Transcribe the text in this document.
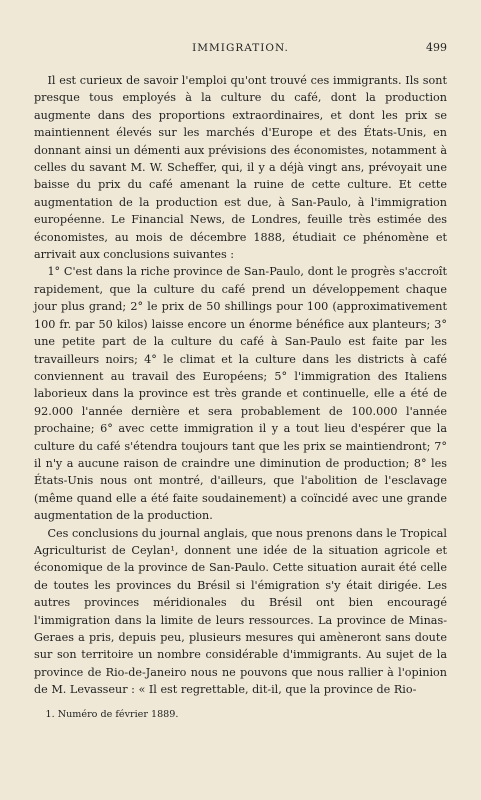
IMMIGRATION.	499

Il est curieux de savoir l'emploi qu'ont trouvé ces immigrants. Ils sont presque tous employés à la culture du café, dont la production augmente dans des proportions extraordinaires, et dont les prix se maintiennent élevés sur les marchés d'Europe et des États-Unis, en donnant ainsi un démenti aux prévisions des économistes, notamment à celles du savant M. W. Scheffer, qui, il y a déjà vingt ans, prévoyait une baisse du prix du café amenant la ruine de cette culture. Et cette augmentation de la production est due, à San-Paulo, à l'immigration européenne. Le Financial News, de Londres, feuille très estimée des économistes, au mois de décembre 1888, étudiait ce phénomène et arrivait aux conclusions suivantes :

1° C'est dans la riche province de San-Paulo, dont le progrès s'accroît rapidement, que la culture du café prend un développement chaque jour plus grand; 2° le prix de 50 shillings pour 100 (approximativement 100 fr. par 50 kilos) laisse encore un énorme bénéfice aux planteurs; 3° une petite part de la culture du café à San-Paulo est faite par les travailleurs noirs; 4° le climat et la culture dans les districts à café conviennent au travail des Européens; 5° l'immigration des Italiens laborieux dans la province est très grande et continuelle, elle a été de 92.000 l'année dernière et sera probablement de 100.000 l'année prochaine; 6° avec cette immigration il y a tout lieu d'espérer que la culture du café s'étendra toujours tant que les prix se maintiendront; 7° il n'y a aucune raison de craindre une diminution de production; 8° les États-Unis nous ont montré, d'ailleurs, que l'abolition de l'esclavage (même quand elle a été faite soudainement) a coïncidé avec une grande augmentation de la production.

Ces conclusions du journal anglais, que nous prenons dans le Tropical Agriculturist de Ceylan¹, donnent une idée de la situation agricole et économique de la province de San-Paulo. Cette situation aurait été celle de toutes les provinces du Brésil si l'émigration s'y était dirigée. Les autres provinces méridionales du Brésil ont bien encouragé l'immigration dans la limite de leurs ressources. La province de Minas-Geraes a pris, depuis peu, plusieurs mesures qui amèneront sans doute sur son territoire un nombre considérable d'immigrants. Au sujet de la province de Rio-de-Janeiro nous ne pouvons que nous rallier à l'opinion de M. Levasseur : « Il est regrettable, dit-il, que la province de Rio-

1. Numéro de février 1889.
